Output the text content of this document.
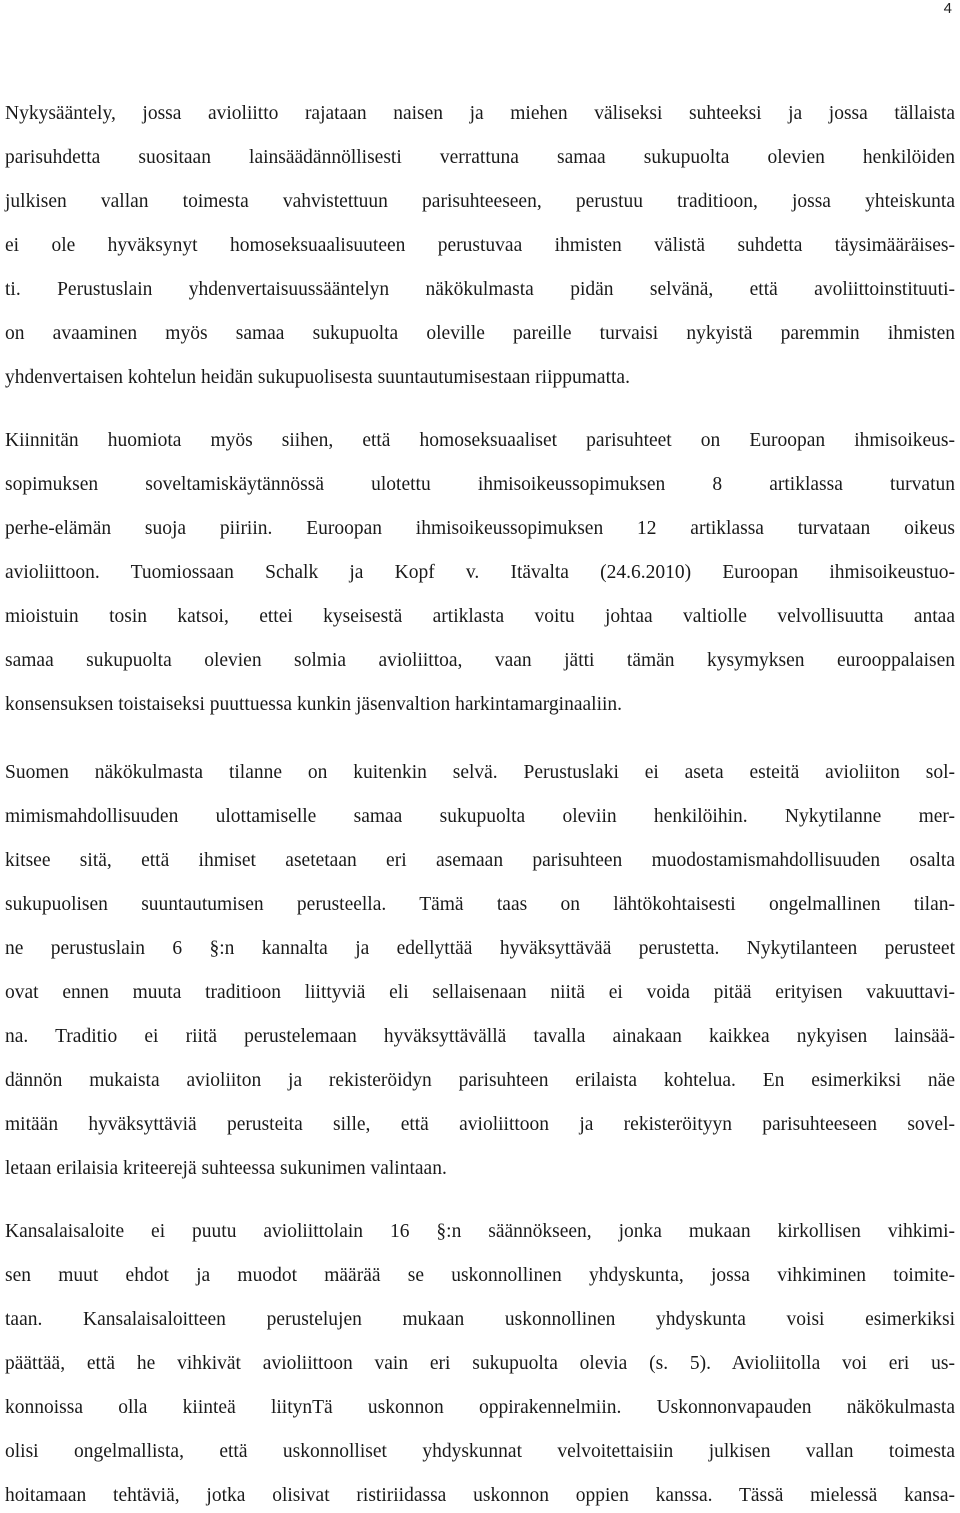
4
Nykysääntely, jossa avioliitto rajataan naisen ja miehen väliseksi suhteeksi ja jossa tällaista
parisuhdetta suositaan lainsäädännöllisesti verrattuna samaa sukupuolta olevien henkilöiden
julkisen vallan toimesta vahvistettuun parisuhteeseen, perustuu traditioon, jossa yhteiskunta
ei ole hyväksynyt homoseksuaalisuuteen perustuvaa ihmisten välistä suhdetta täysimääräises-
ti. Perustuslain yhdenvertaisuussääntelyn näkökulmasta pidän selvänä, että avoliittoinstituuti-
on avaaminen myös samaa sukupuolta oleville pareille turvaisi nykyistä paremmin ihmisten
yhdenvertaisen kohtelun heidän sukupuolisesta suuntautumisestaan riippumatta.
Kiinnitän huomiota myös siihen, että homoseksuaaliset parisuhteet on Euroopan ihmisoikeus-
sopimuksen soveltamiskäytännössä ulotettu ihmisoikeussopimuksen 8 artiklassa turvatun
perhe-elämän suoja piiriin. Euroopan ihmisoikeussopimuksen 12 artiklassa turvataan oikeus
avioliittoon. Tuomiossaan Schalk ja Kopf v. Itävalta (24.6.2010) Euroopan ihmisoikeustuo-
mioistuin tosin katsoi, ettei kyseisestä artiklasta voitu johtaa valtiolle velvollisuutta antaa
samaa sukupuolta olevien solmia avioliittoa, vaan jätti tämän kysymyksen eurooppalaisen
konsensuksen toistaiseksi puuttuessa kunkin jäsenvaltion harkintamarginaaliin.
Suomen näkökulmasta tilanne on kuitenkin selvä. Perustuslaki ei aseta esteitä avioliiton sol-
mimismahdollisuuden ulottamiselle samaa sukupuolta oleviin henkilöihin. Nykytilanne mer-
kitsee sitä, että ihmiset asetetaan eri asemaan parisuhteen muodostamismahdollisuuden osalta
sukupuolisen suuntautumisen perusteella. Tämä taas on lähtökohtaisesti ongelmallinen tilan-
ne perustuslain 6 §:n kannalta ja edellyttää hyväksyttävää perustetta. Nykytilanteen perusteet
ovat ennen muuta traditioon liittyviä eli sellaisenaan niitä ei voida pitää erityisen vakuuttavi-
na. Traditio ei riitä perustelemaan hyväksyttävällä tavalla ainakaan kaikkea nykyisen lainsää-
dännön mukaista avioliiton ja rekisteröidyn parisuhteen erilaista kohtelua. En esimerkiksi näe
mitään hyväksyttäviä perusteita sille, että avioliittoon ja rekisteröityyn parisuhteeseen sovel-
letaan erilaisia kriteerejä suhteessa sukunimen valintaan.
Kansalaisaloite ei puutu avioliittolain 16 §:n säännökseen, jonka mukaan kirkollisen vihkimi-
sen muut ehdot ja muodot määrää se uskonnollinen yhdyskunta, jossa vihkiminen toimite-
taan. Kansalaisaloitteen perustelujen mukaan uskonnollinen yhdyskunta voisi esimerkiksi
päättää, että he vihkivät avioliittoon vain eri sukupuolta olevia (s. 5). Avioliitolla voi eri us-
konnoissa olla kiinteä liitynTä uskonnon oppirakennelmiin. Uskonnonvapauden näkökulmasta
olisi ongelmallista, että uskonnolliset yhdyskunnat velvoitettaisiin julkisen vallan toimesta
hoitamaan tehtäviä, jotka olisivat ristiriidassa uskonnon oppien kanssa. Tässä mielessä kansa-
